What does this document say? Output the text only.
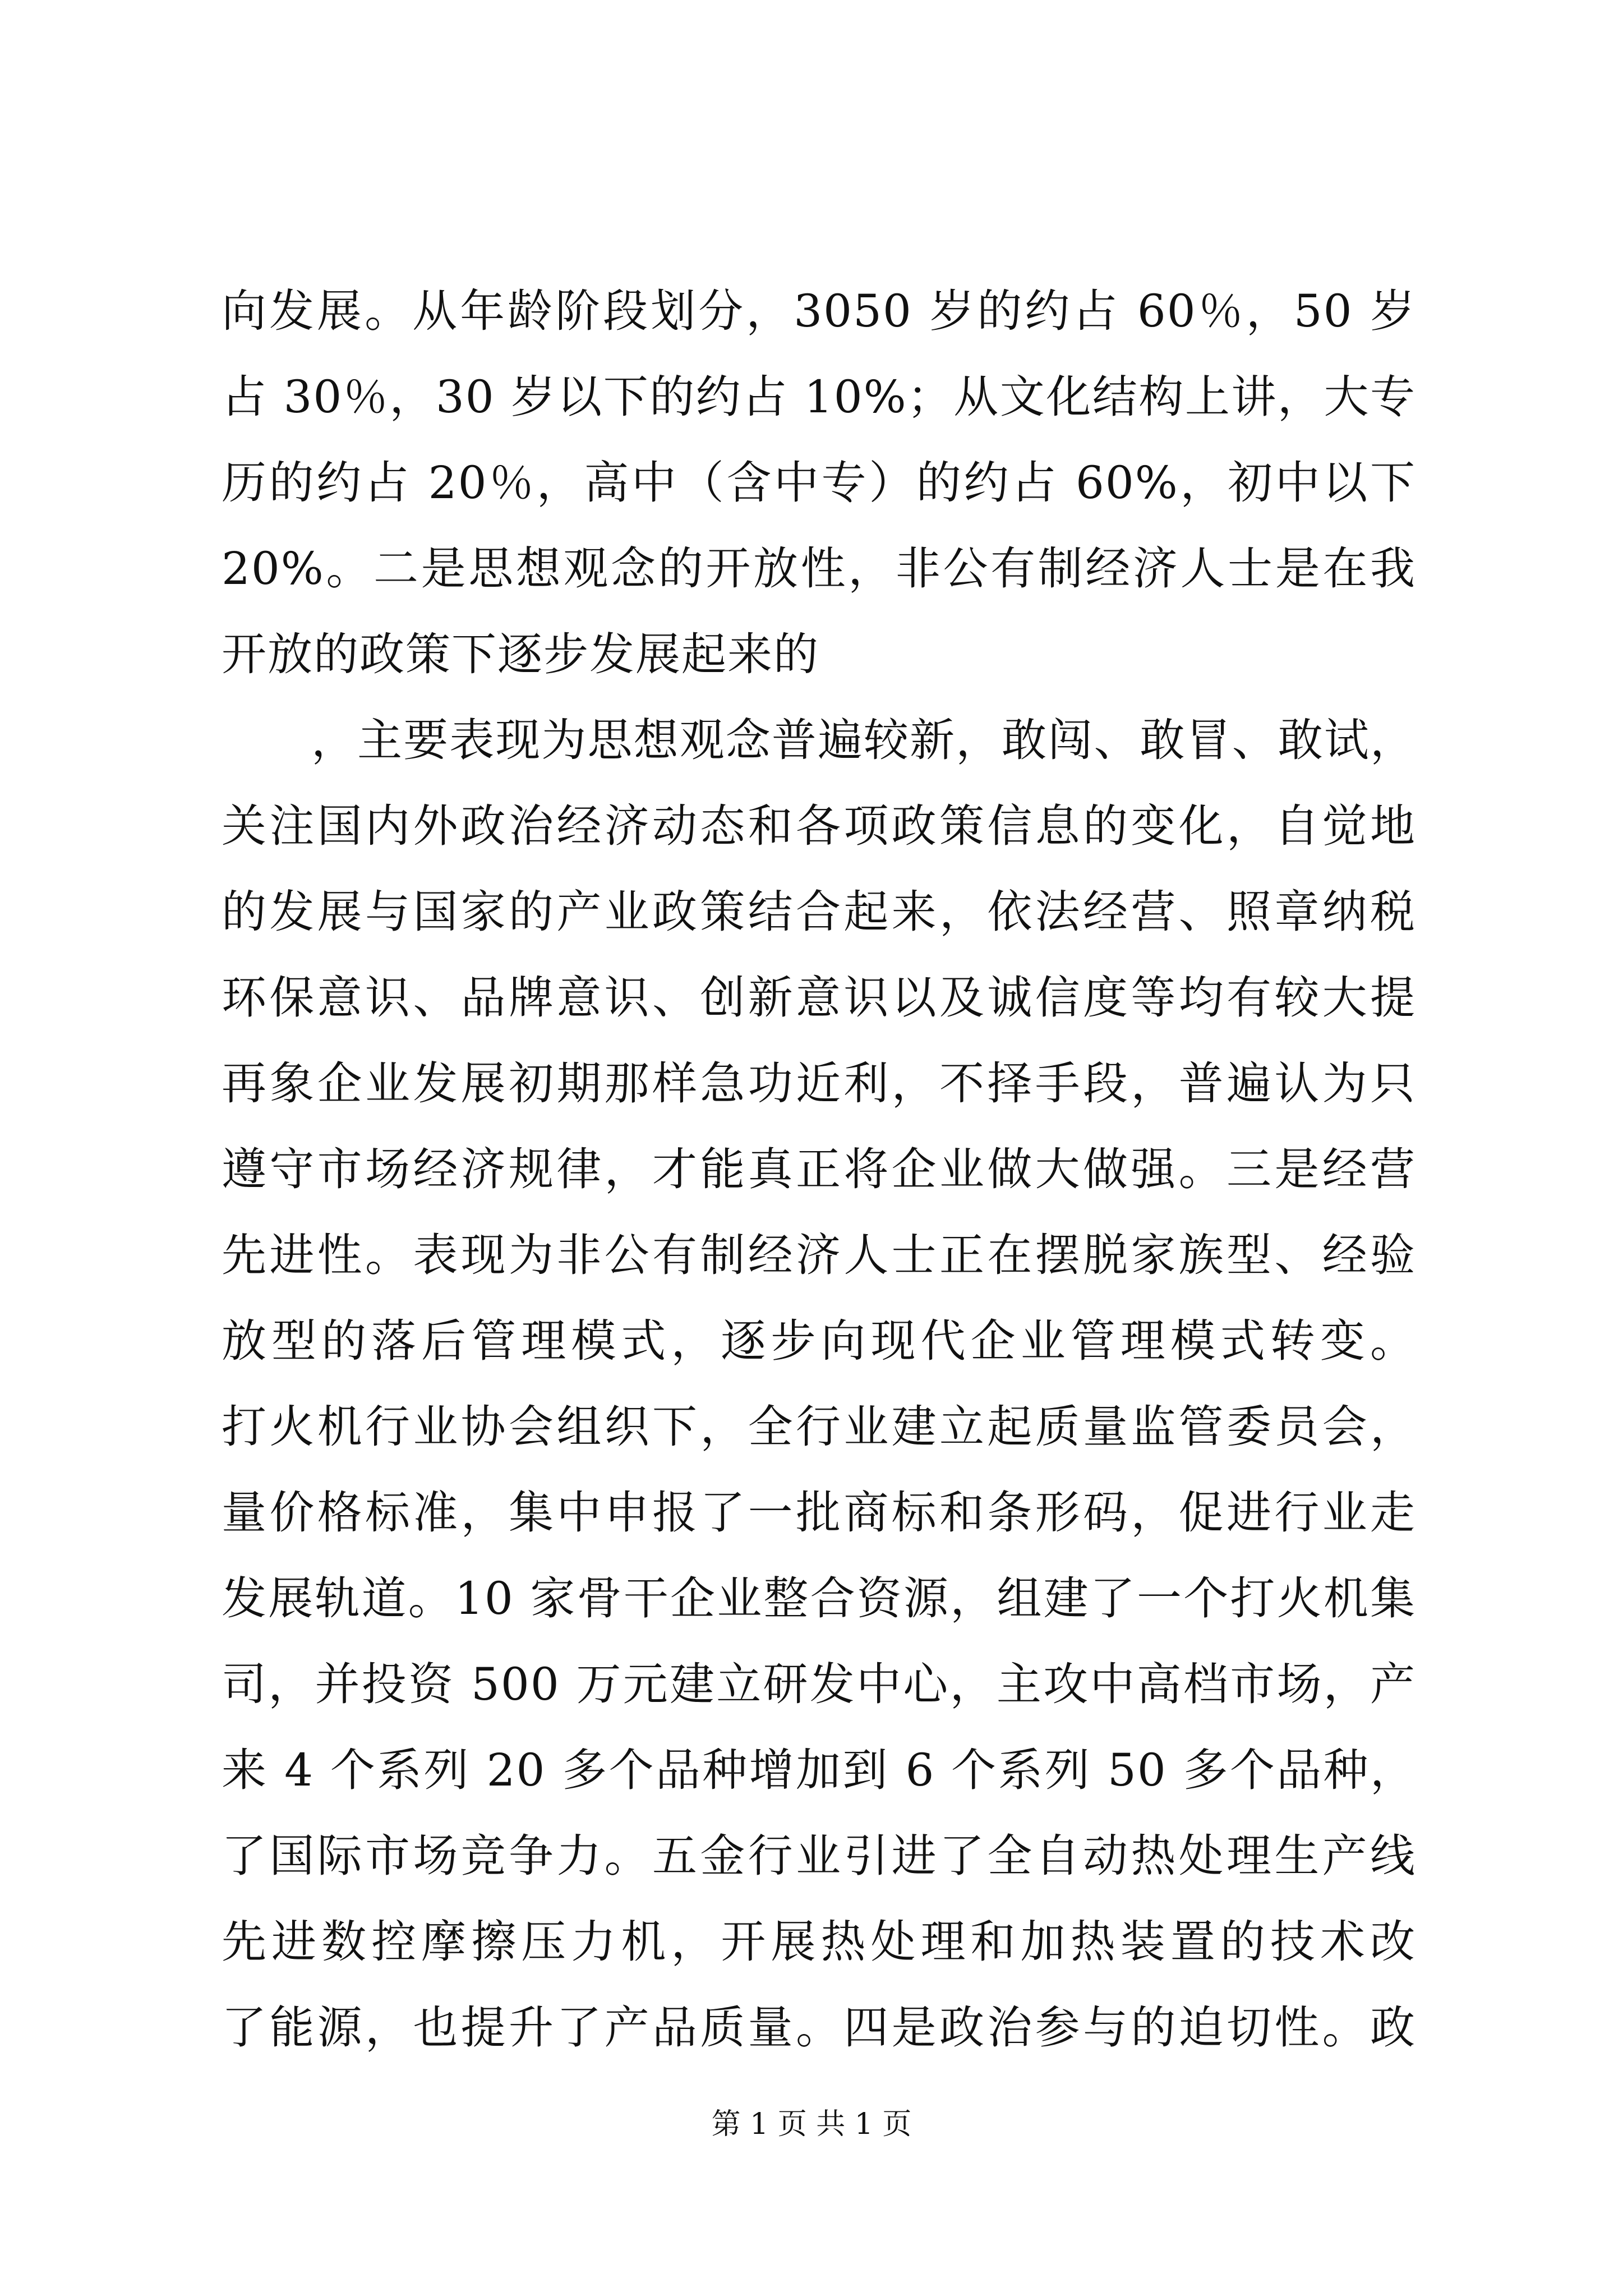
向发展。从年龄阶段划分，3050 岁的约占 60％，50 岁
占 30％，30 岁以下的约占 10%；从文化结构上讲，大专
历的约占 20％，高中（含中专）的约占 60%，初中以下
20%。二是思想观念的开放性，非公有制经济人士是在我
开放的政策下逐步发展起来的
，主要表现为思想观念普遍较新，敢闯、敢冒、敢试，
关注国内外政治经济动态和各项政策信息的变化，自觉地
的发展与国家的产业政策结合起来，依法经营、照章纳税
环保意识、品牌意识、创新意识以及诚信度等均有较大提
再象企业发展初期那样急功近利，不择手段，普遍认为只
遵守市场经济规律，才能真正将企业做大做强。三是经营
先进性。表现为非公有制经济人士正在摆脱家族型、经验
放型的落后管理模式，逐步向现代企业管理模式转变。
打火机行业协会组织下，全行业建立起质量监管委员会，
量价格标准，集中申报了一批商标和条形码，促进行业走
发展轨道。10 家骨干企业整合资源，组建了一个打火机集
司，并投资 500 万元建立研发中心，主攻中高档市场，产
来 4 个系列 20 多个品种增加到 6 个系列 50 多个品种，
了国际市场竞争力。五金行业引进了全自动热处理生产线
先进数控摩擦压力机，开展热处理和加热装置的技术改
了能源，也提升了产品质量。四是政治参与的迫切性。政
第 1 页 共 1 页
